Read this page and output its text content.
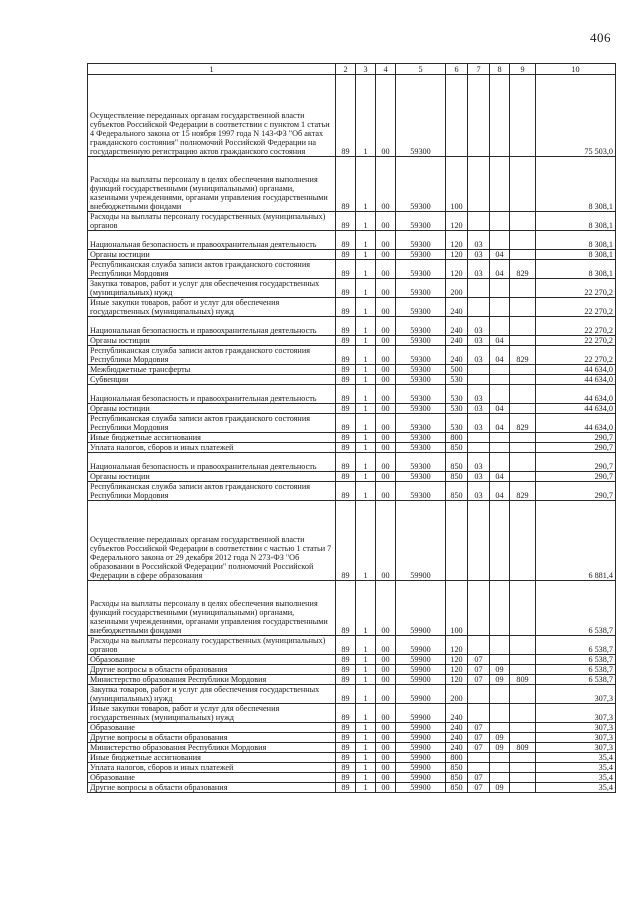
406
1	2	3	4	5	6	7	8	9	10
Осуществление переданных органам государственной власти субъектов Российской Федерации в соответствии с пунктом 1 статьи 4 Федерального закона от 15 ноября 1997 года N 143-ФЗ "Об актах гражданского состояния" полномочий Российской Федерации на государственную регистрацию актов гражданского состояния	89	1	00	59300					75 503,0
Расходы на выплаты персоналу в целях обеспечения выполнения функций государственными (муниципальными) органами, казенными учреждениями, органами управления государственными внебюджетными фондами	89	1	00	59300	100				8 308,1
Расходы на выплаты персоналу государственных (муниципальных) органов	89	1	00	59300	120				8 308,1
Национальная безопасность и правоохранительная деятельность	89	1	00	59300	120	03			8 308,1
Органы юстиции	89	1	00	59300	120	03	04		8 308,1
Республиканская служба записи актов гражданского состояния Республики Мордовия	89	1	00	59300	120	03	04	829	8 308,1
Закупка товаров, работ и услуг для обеспечения государственных (муниципальных) нужд	89	1	00	59300	200				22 270,2
Иные закупки товаров, работ и услуг для обеспечения государственных (муниципальных) нужд	89	1	00	59300	240				22 270,2
Национальная безопасность и правоохранительная деятельность	89	1	00	59300	240	03			22 270,2
Органы юстиции	89	1	00	59300	240	03	04		22 270,2
Республиканская служба записи актов гражданского состояния Республики Мордовия	89	1	00	59300	240	03	04	829	22 270,2
Межбюджетные трансферты	89	1	00	59300	500				44 634,0
Субвенции	89	1	00	59300	530				44 634,0
Национальная безопасность и правоохранительная деятельность	89	1	00	59300	530	03			44 634,0
Органы юстиции	89	1	00	59300	530	03	04		44 634,0
Республиканская служба записи актов гражданского состояния Республики Мордовия	89	1	00	59300	530	03	04	829	44 634,0
Иные бюджетные ассигнования	89	1	00	59300	800				290,7
Уплата налогов, сборов и иных платежей	89	1	00	59300	850				290,7
Национальная безопасность и правоохранительная деятельность	89	1	00	59300	850	03			290,7
Органы юстиции	89	1	00	59300	850	03	04		290,7
Республиканская служба записи актов гражданского состояния Республики Мордовия	89	1	00	59300	850	03	04	829	290,7
Осуществление переданных органам государственной власти субъектов Российской Федерации в соответствии с частью 1 статьи 7 Федерального закона от 29 декабря 2012 года N 273-ФЗ "Об образовании в Российской Федерации" полномочий Российской Федерации в сфере образования	89	1	00	59900					6 881,4
Расходы на выплаты персоналу в целях обеспечения выполнения функций государственными (муниципальными) органами, казенными учреждениями, органами управления государственными внебюджетными фондами	89	1	00	59900	100				6 538,7
Расходы на выплаты персоналу государственных (муниципальных) органов	89	1	00	59900	120				6 538,7
Образование	89	1	00	59900	120	07			6 538,7
Другие вопросы в области образования	89	1	00	59900	120	07	09		6 538,7
Министерство образования Республики Мордовия	89	1	00	59900	120	07	09	809	6 538,7
Закупка товаров, работ и услуг для обеспечения государственных (муниципальных) нужд	89	1	00	59900	200				307,3
Иные закупки товаров, работ и услуг для обеспечения государственных (муниципальных) нужд	89	1	00	59900	240				307,3
Образование	89	1	00	59900	240	07			307,3
Другие вопросы в области образования	89	1	00	59900	240	07	09		307,3
Министерство образования Республики Мордовия	89	1	00	59900	240	07	09	809	307,3
Иные бюджетные ассигнования	89	1	00	59900	800				35,4
Уплата налогов, сборов и иных платежей	89	1	00	59900	850				35,4
Образование	89	1	00	59900	850	07			35,4
Другие вопросы в области образования	89	1	00	59900	850	07	09		35,4
